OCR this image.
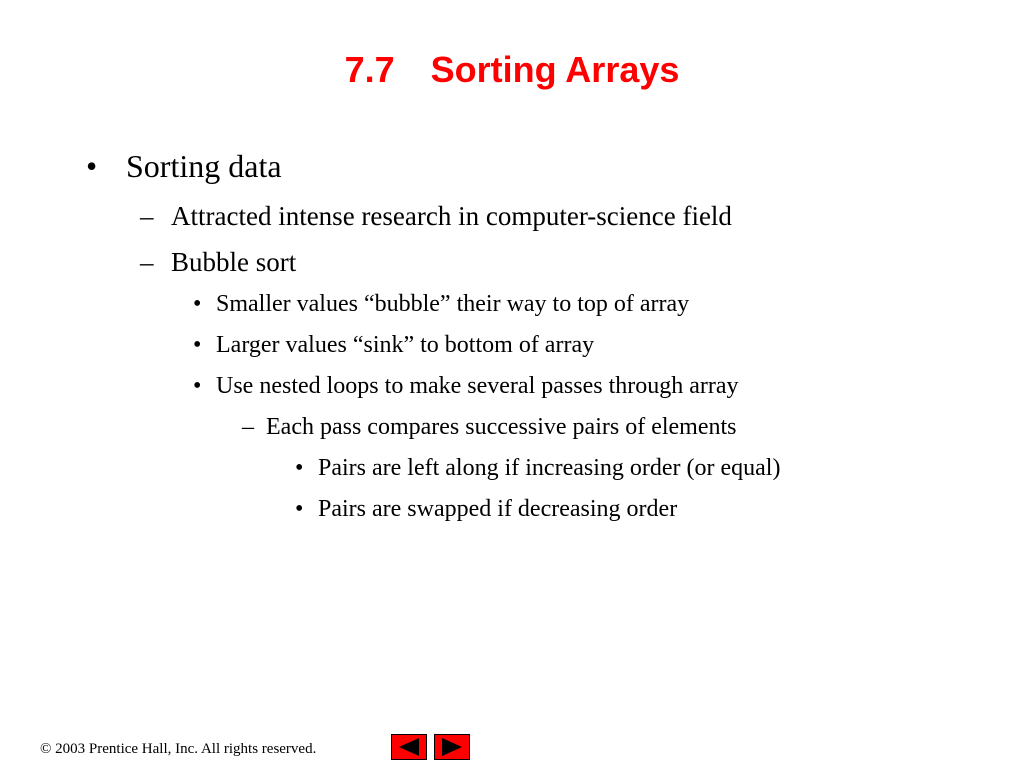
7.7 Sorting Arrays
• Sorting data
– Attracted intense research in computer-science field
– Bubble sort
• Smaller values “bubble” their way to top of array
• Larger values “sink” to bottom of array
• Use nested loops to make several passes through array
– Each pass compares successive pairs of elements
• Pairs are left along if increasing order (or equal)
• Pairs are swapped if decreasing order
© 2003 Prentice Hall, Inc. All rights reserved.
